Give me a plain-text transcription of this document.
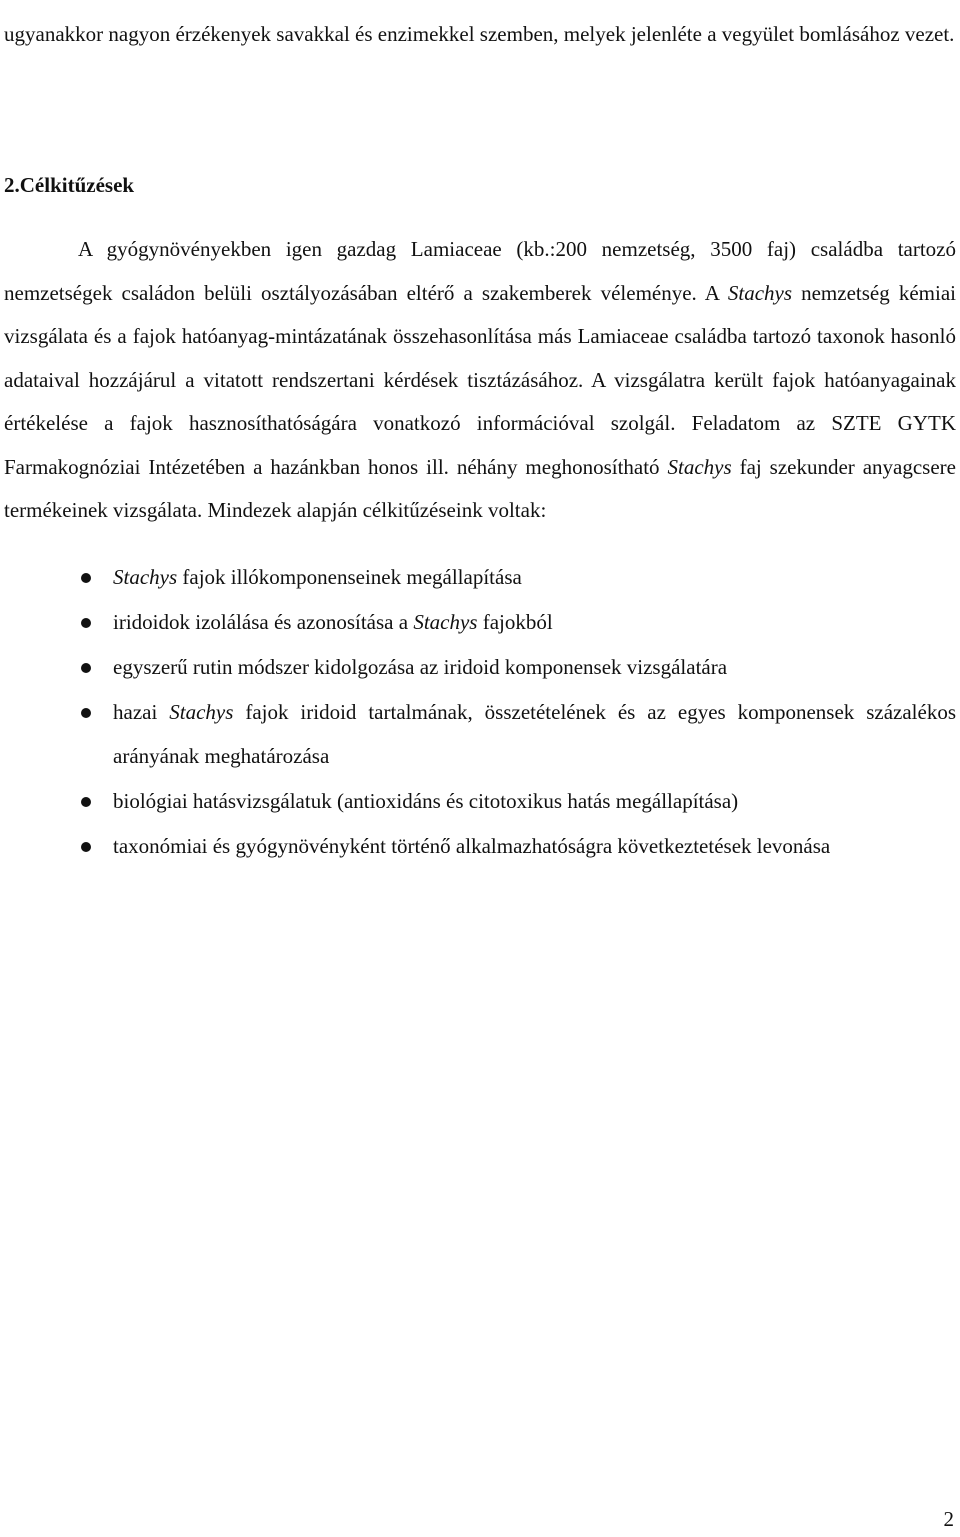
ugyanakkor nagyon érzékenyek savakkal és enzimekkel szemben, melyek jelenléte a vegyület bomlásához vezet.

2.Célkitűzések

A gyógynövényekben igen gazdag Lamiaceae (kb.:200 nemzetség, 3500 faj) családba tartozó nemzetségek családon belüli osztályozásában eltérő a szakemberek véleménye. A Stachys nemzetség kémiai vizsgálata és a fajok hatóanyag-mintázatának összehasonlítása más Lamiaceae családba tartozó taxonok hasonló adataival hozzájárul a vitatott rendszertani kérdések tisztázásához. A vizsgálatra került fajok hatóanyagainak értékelése a fajok hasznosíthatóságára vonatkozó információval szolgál. Feladatom az SZTE GYTK Farmakognóziai Intézetében a hazánkban honos ill. néhány meghonosítható Stachys faj szekunder anyagcsere termékeinek vizsgálata. Mindezek alapján célkitűzéseink voltak:

Stachys fajok illókomponenseinek megállapítása
iridoidok izolálása és azonosítása a Stachys fajokból
egyszerű rutin módszer kidolgozása az iridoid komponensek vizsgálatára
hazai Stachys fajok iridoid tartalmának, összetételének és az egyes komponensek százalékos arányának meghatározása
biológiai hatásvizsgálatuk (antioxidáns és citotoxikus hatás megállapítása)
taxonómiai és gyógynövényként történő alkalmazhatóságra következtetések levonása
2
